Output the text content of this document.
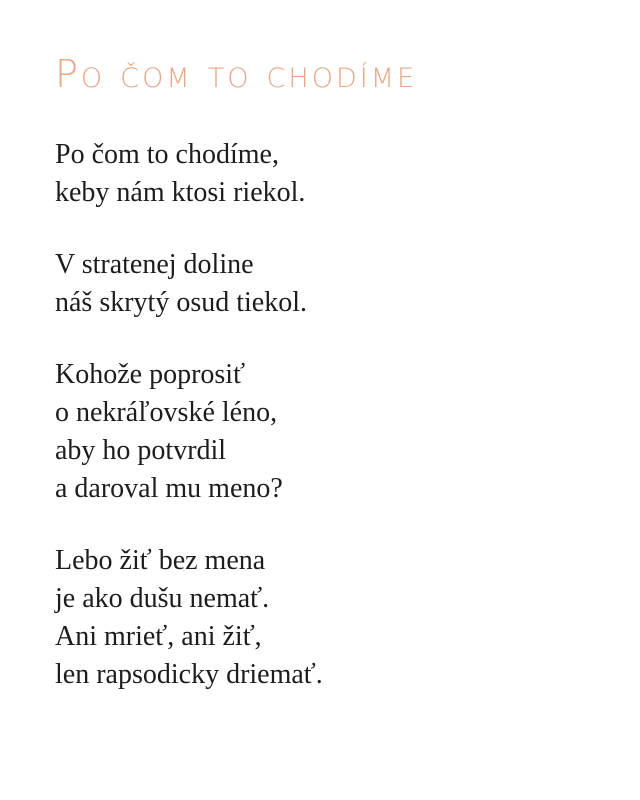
Po čom to chodíme
Po čom to chodíme,
keby nám ktosi riekol.
V stratenej doline
náš skrytý osud tiekol.
Kohože poprosiť
o nekráľovské léno,
aby ho potvrdil
a daroval mu meno?
Lebo žiť bez mena
je ako dušu nemať.
Ani mrieť, ani žiť,
len rapsodicky driemať.
